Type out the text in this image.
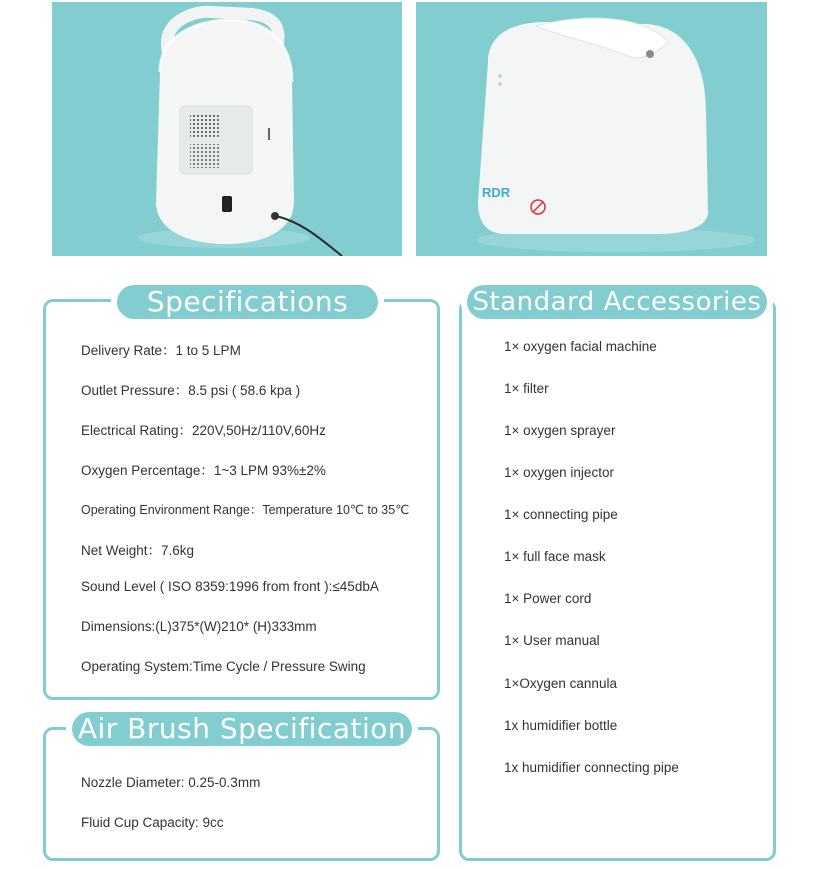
RDR
Specifications
Delivery Rate：1 to 5 LPM
Outlet Pressure：8.5 psi ( 58.6 kpa )
Electrical Rating：220V,50Hz/110V,60Hz
Oxygen Percentage：1~3 LPM 93%±2%
Operating Environment Range：Temperature 10℃ to 35℃
Net Weight：7.6kg
Sound Level ( ISO 8359:1996 from front ):≤45dbA
Dimensions:(L)375*(W)210* (H)333mm
Operating System:Time Cycle / Pressure Swing
Air Brush Specification
Nozzle Diameter: 0.25-0.3mm
Fluid Cup Capacity: 9cc
Standard Accessories
1× oxygen facial machine
1× filter
1× oxygen sprayer
1× oxygen injector
1× connecting pipe
1× full face mask
1× Power cord
1× User manual
1×Oxygen cannula
1x humidifier bottle
1x humidifier connecting pipe
